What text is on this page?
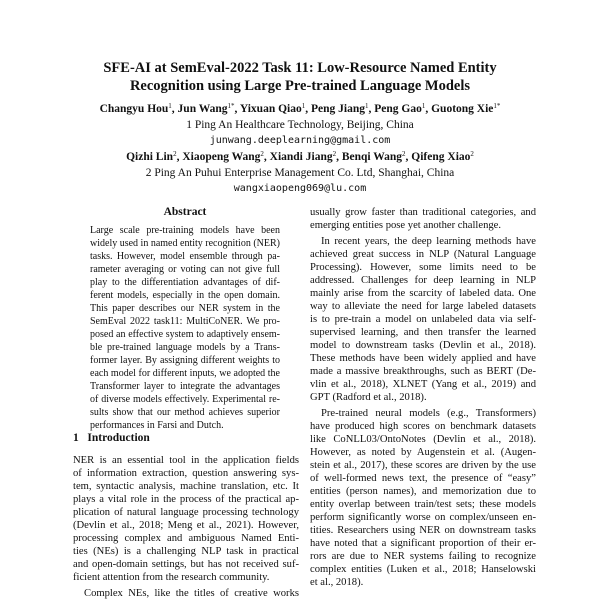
SFE-AI at SemEval-2022 Task 11: Low-Resource Named Entity
Recognition using Large Pre-trained Language Models
Changyu Hou$^1$, Jun Wang$^{1*}$, Yixuan Qiao$^1$, Peng Jiang$^1$, Peng Gao$^1$, Guotong Xie$^{1*}$
1 Ping An Healthcare Technology, Beijing, China
junwang.deeplearning@gmail.com
Qizhi Lin$^2$, Xiaopeng Wang$^2$, Xiandi Jiang$^2$, Benqi Wang$^2$, Qifeng Xiao$^2$
2 Ping An Puhui Enterprise Management Co. Ltd, Shanghai, China
wangxiaopeng069@lu.com
Abstract
Large scale pre-training models have been
widely used in named entity recognition (NER)
tasks. However, model ensemble through pa-
rameter averaging or voting can not give full
play to the differentiation advantages of dif-
ferent models, especially in the open domain.
This paper describes our NER system in the
SemEval 2022 task11: MultiCoNER. We pro-
posed an effective system to adaptively ensem-
ble pre-trained language models by a Trans-
former layer. By assigning different weights to
each model for different inputs, we adopted the
Transformer layer to integrate the advantages
of diverse models effectively. Experimental re-
sults show that our method achieves superior
performances in Farsi and Dutch.
1 Introduction
NER is an essential tool in the application fields
of information extraction, question answering sys-
tem, syntactic analysis, machine translation, etc. It
plays a vital role in the process of the practical ap-
plication of natural language processing technology
(Devlin et al., 2018; Meng et al., 2021). However,
processing complex and ambiguous Named Enti-
ties (NEs) is a challenging NLP task in practical
and open-domain settings, but has not received suf-
ficient attention from the research community.
Complex NEs, like the titles of creative works
usually grow faster than traditional categories, and
emerging entities pose yet another challenge.
In recent years, the deep learning methods have
achieved great success in NLP (Natural Language
Processing). However, some limits need to be
addressed. Challenges for deep learning in NLP
mainly arise from the scarcity of labeled data. One
way to alleviate the need for large labeled datasets
is to pre-train a model on unlabeled data via self-
supervised learning, and then transfer the learned
model to downstream tasks (Devlin et al., 2018).
These methods have been widely applied and have
made a massive breakthroughs, such as BERT (De-
vlin et al., 2018), XLNET (Yang et al., 2019) and
GPT (Radford et al., 2018).
Pre-trained neural models (e.g., Transformers)
have produced high scores on benchmark datasets
like CoNLL03/OntoNotes (Devlin et al., 2018).
However, as noted by Augenstein et al. (Augen-
stein et al., 2017), these scores are driven by the use
of well-formed news text, the presence of “easy”
entities (person names), and memorization due to
entity overlap between train/test sets; these models
perform significantly worse on complex/unseen en-
tities. Researchers using NER on downstream tasks
have noted that a significant proportion of their er-
rors are due to NER systems failing to recognize
complex entities (Luken et al., 2018; Hanselowski
et al., 2018).
